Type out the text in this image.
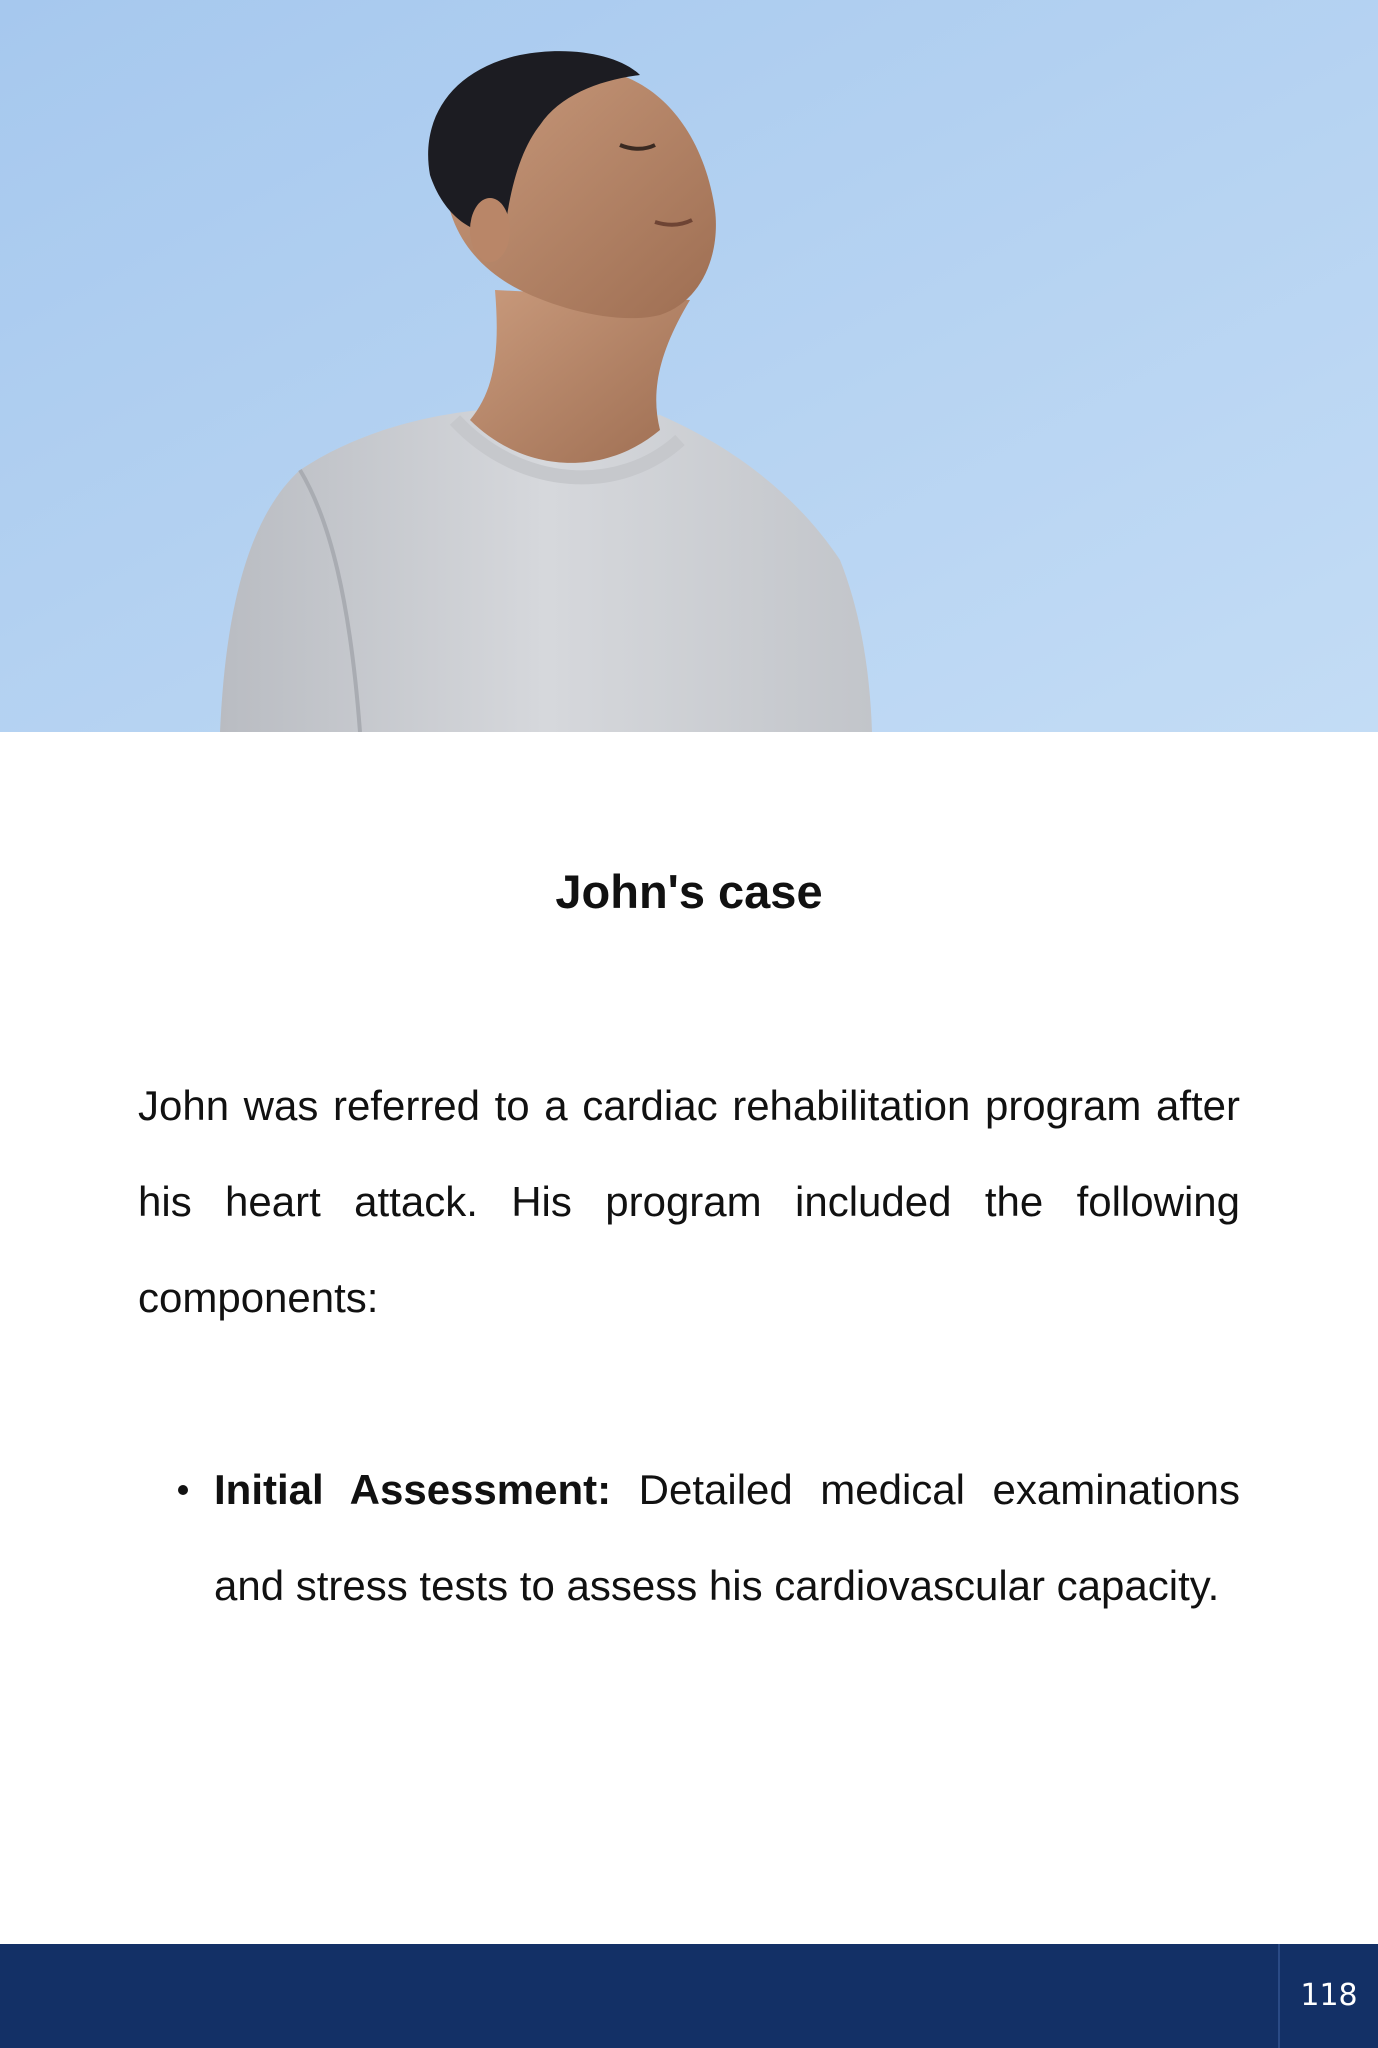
John's case

John was referred to a cardiac rehabilitation program after his heart attack. His program included the following components:

Initial Assessment: Detailed medical examinations and stress tests to assess his cardiovascular capacity.
118
